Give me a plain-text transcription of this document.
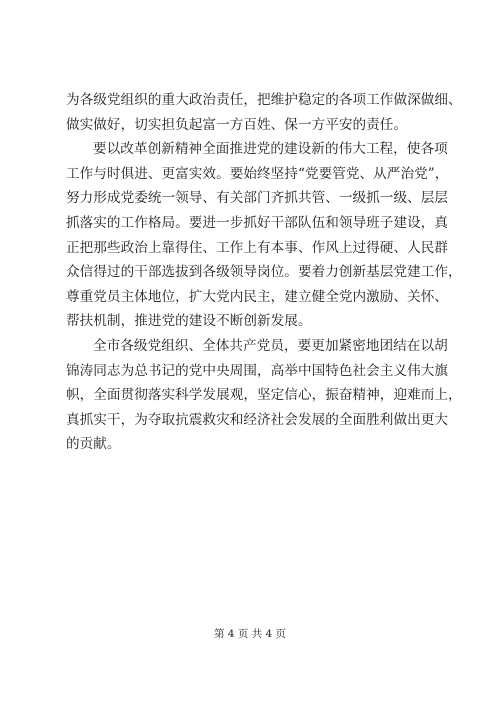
为各级党组织的重大政治责任，把维护稳定的各项工作做深做细、
做实做好，切实担负起富一方百姓、保一方平安的责任。
要以改革创新精神全面推进党的建设新的伟大工程，使各项
工作与时俱进、更富实效。要始终坚持“党要管党、从严治党”，
努力形成党委统一领导、有关部门齐抓共管、一级抓一级、层层
抓落实的工作格局。要进一步抓好干部队伍和领导班子建设，真
正把那些政治上靠得住、工作上有本事、作风上过得硬、人民群
众信得过的干部选拔到各级领导岗位。要着力创新基层党建工作，
尊重党员主体地位，扩大党内民主，建立健全党内激励、关怀、
帮扶机制，推进党的建设不断创新发展。
全市各级党组织、全体共产党员，要更加紧密地团结在以胡
锦涛同志为总书记的党中央周围，高举中国特色社会主义伟大旗
帜，全面贯彻落实科学发展观，坚定信心，振奋精神，迎难而上，
真抓实干，为夺取抗震救灾和经济社会发展的全面胜利做出更大
的贡献。
第 4 页 共 4 页
